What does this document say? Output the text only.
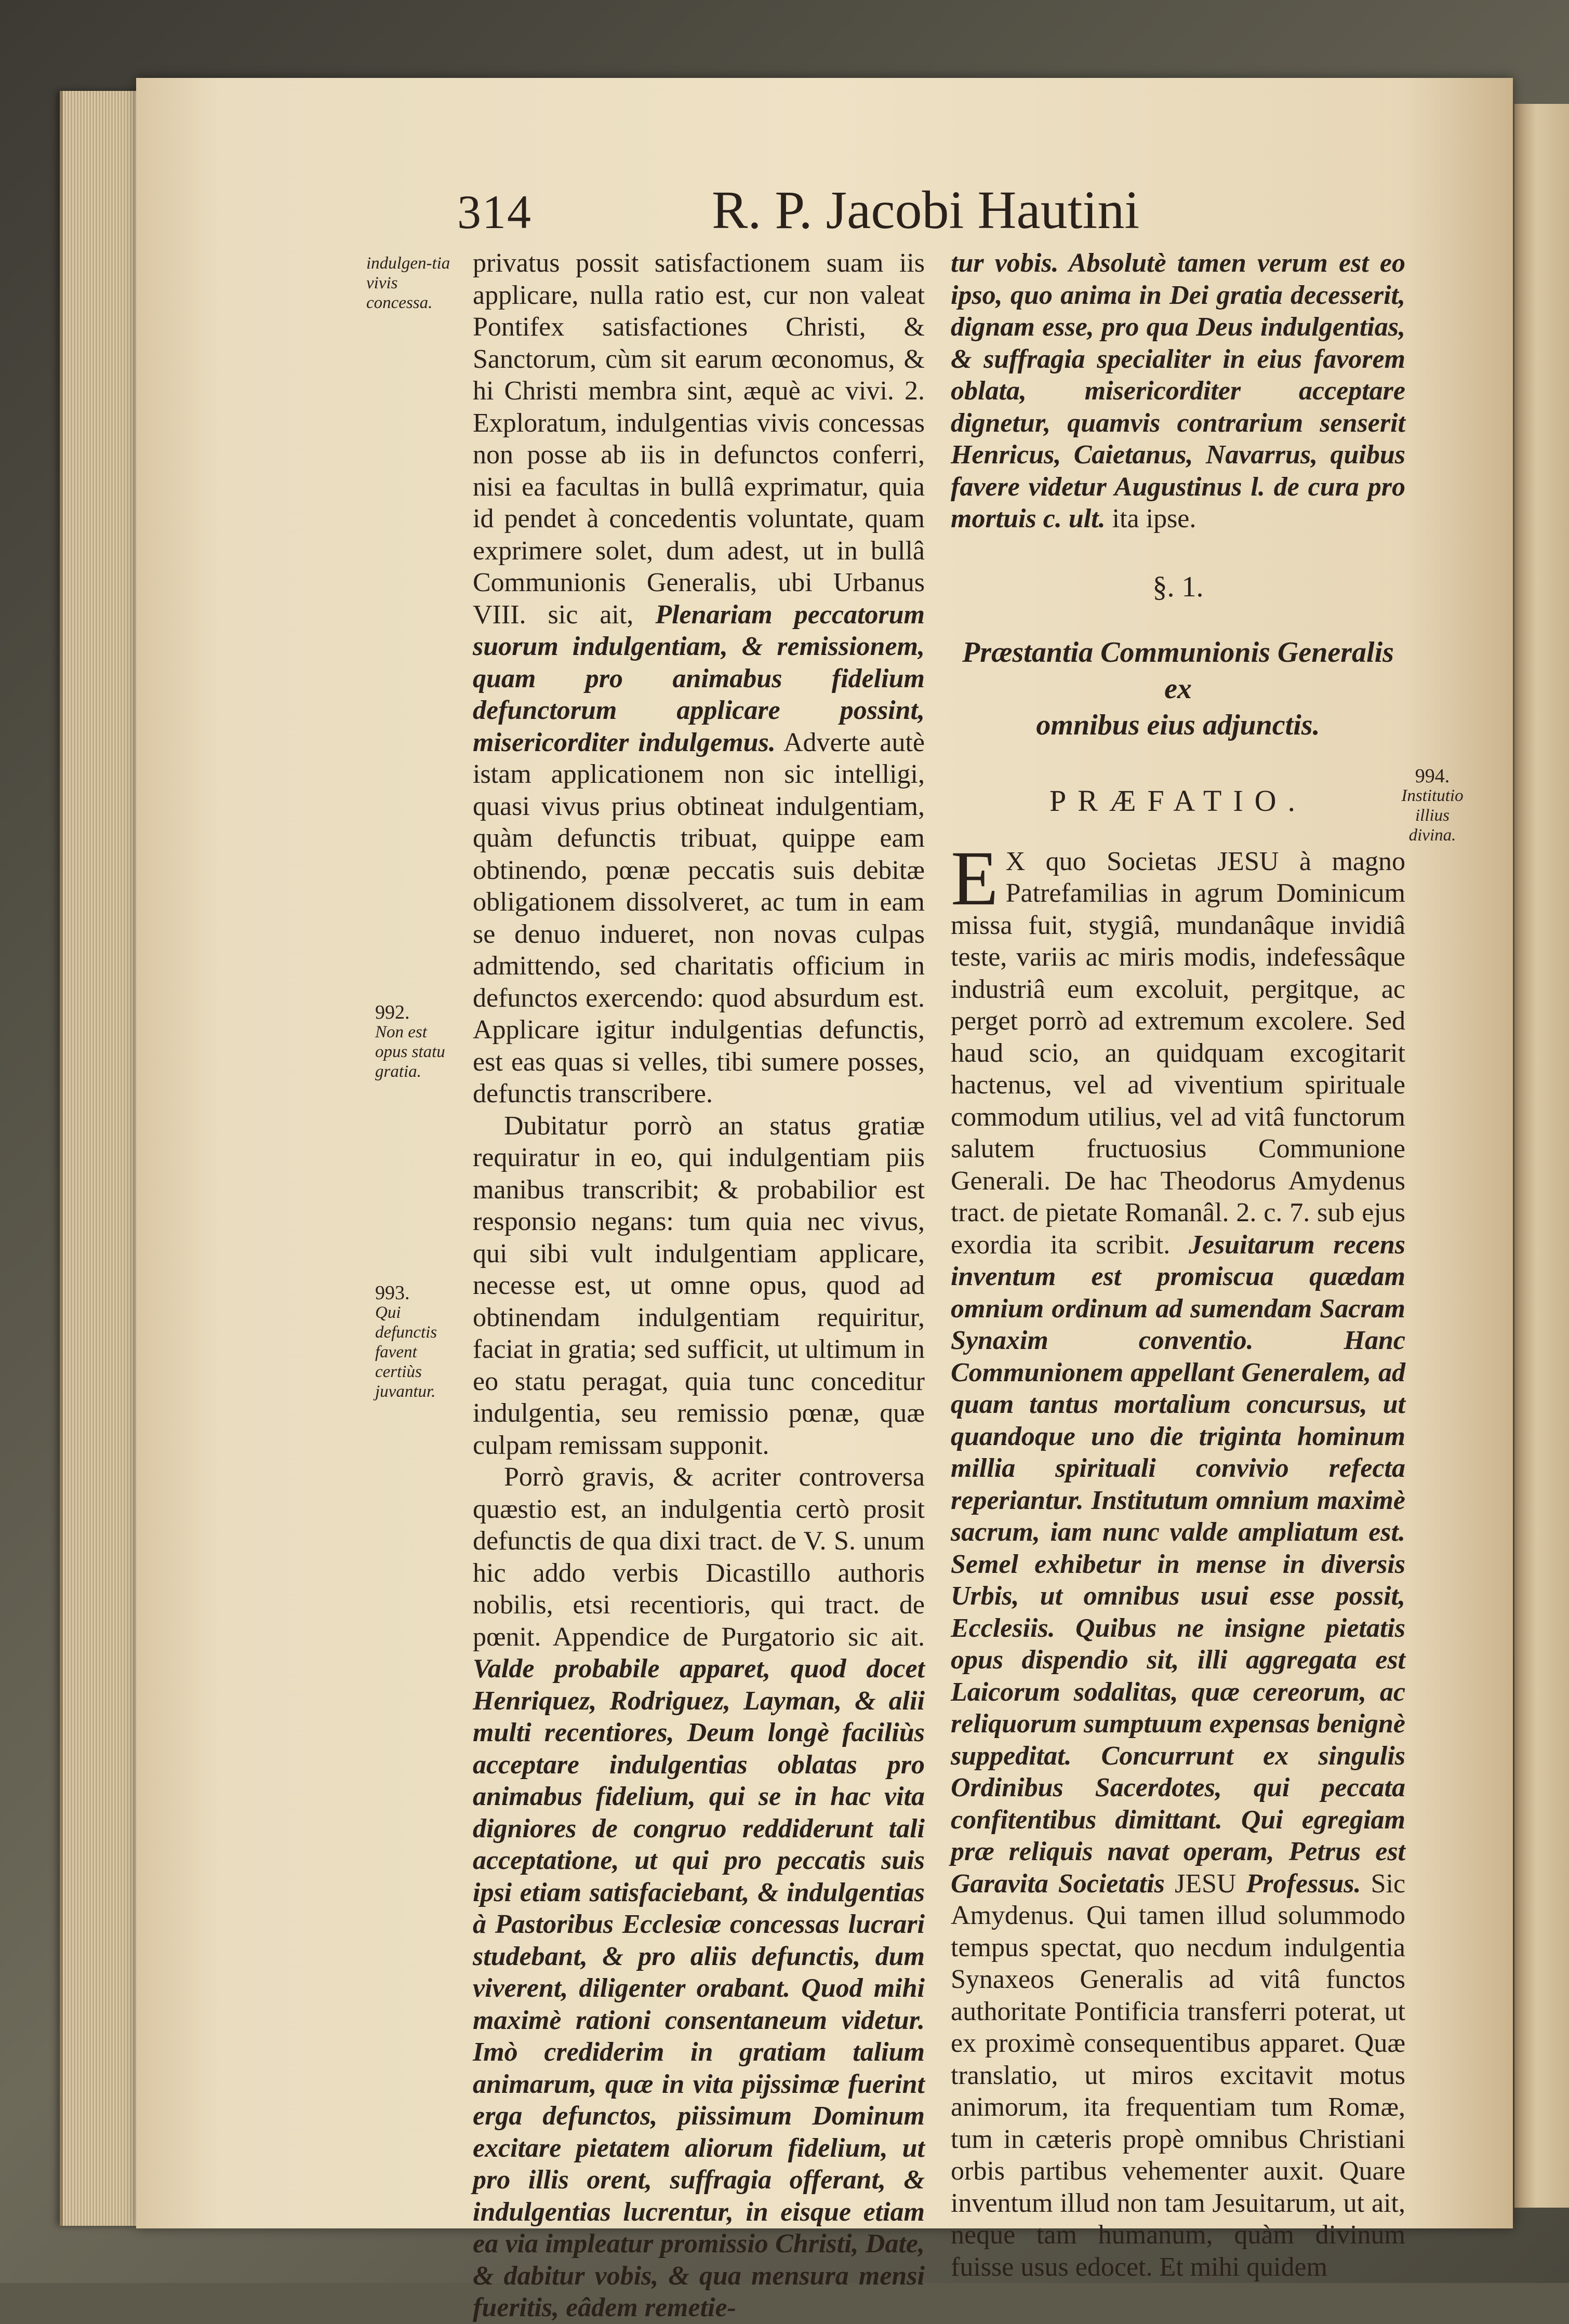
314	R. P. Jacobi Hautini
indulgen-tia vivis concessa.
992.
Non est opus statu gratia.
993.
Qui defunctis favent certiùs juvantur.
994.
Institutio illius divina.

privatus possit satisfactionem suam iis applicare, nulla ratio est, cur non valeat Pontifex satisfactiones Christi, & Sanctorum, cùm sit earum œconomus, & hi Christi membra sint, æquè ac vivi. 2. Exploratum, indulgentias vivis concessas non posse ab iis in defunctos conferri, nisi ea facultas in bullâ exprimatur, quia id pendet à concedentis voluntate, quam exprimere solet, dum adest, ut in bullâ Communionis Generalis, ubi Urbanus VIII. sic ait, Plenariam peccatorum suorum indulgentiam, & remissionem, quam pro animabus fidelium defunctorum applicare possint, misericorditer indulgemus. Adverte autè istam applicationem non sic intelligi, quasi vivus prius obtineat indulgentiam, quàm defunctis tribuat, quippe eam obtinendo, pœnæ peccatis suis debitæ obligationem dissolveret, ac tum in eam se denuo indueret, non novas culpas admittendo, sed charitatis officium in defunctos exercendo: quod absurdum est. Applicare igitur indulgentias defunctis, est eas quas si velles, tibi sumere posses, defunctis transcribere.

Dubitatur porrò an status gratiæ requiratur in eo, qui indulgentiam piis manibus transcribit; & probabilior est responsio negans: tum quia nec vivus, qui sibi vult indulgentiam applicare, necesse est, ut omne opus, quod ad obtinendam indulgentiam requiritur, faciat in gratia; sed sufficit, ut ultimum in eo statu peragat, quia tunc conceditur indulgentia, seu remissio pœnæ, quæ culpam remissam supponit.

Porrò gravis, & acriter controversa quæstio est, an indulgentia certò prosit defunctis de qua dixi tract. de V. S. unum hic addo verbis Dicastillo authoris nobilis, etsi recentioris, qui tract. de pœnit. Appendice de Purgatorio sic ait. Valde probabile apparet, quod docet Henriquez, Rodriguez, Layman, & alii multi recentiores, Deum longè faciliùs acceptare indulgentias oblatas pro animabus fidelium, qui se in hac vita digniores de congruo reddiderunt tali acceptatione, ut qui pro peccatis suis ipsi etiam satisfaciebant, & indulgentias à Pastoribus Ecclesiæ concessas lucrari studebant, & pro aliis defunctis, dum viverent, diligenter orabant. Quod mihi maximè rationi consentaneum videtur. Imò crediderim in gratiam talium animarum, quæ in vita pijssimæ fuerint erga defunctos, piissimum Dominum excitare pietatem aliorum fidelium, ut pro illis orent, suffragia offerant, & indulgentias lucrentur, in eisque etiam ea via impleatur promissio Christi, Date, & dabitur vobis, & qua mensura mensi fueritis, eâdem remetie-

tur vobis. Absolutè tamen verum est eo ipso, quo anima in Dei gratia decesserit, dignam esse, pro qua Deus indulgentias, & suffragia specialiter in eius favorem oblata, misericorditer acceptare dignetur, quamvis contrarium senserit Henricus, Caietanus, Navarrus, quibus favere videtur Augustinus l. de cura pro mortuis c. ult. ita ipse.

§. 1.
Præstantia Communionis Generalis ex
omnibus eius adjunctis.
PRÆFATIO.

E X quo Societas JESU à magno Patrefamilias in agrum Dominicum missa fuit, stygiâ, mundanâque invidiâ teste, variis ac miris modis, indefessâque industriâ eum excoluit, pergitque, ac perget porrò ad extremum excolere. Sed haud scio, an quidquam excogitarit hactenus, vel ad viventium spirituale commodum utilius, vel ad vitâ functorum salutem fructuosius Communione Generali. De hac Theodorus Amydenus tract. de pietate Romanâl. 2. c. 7. sub ejus exordia ita scribit. Jesuitarum recens inventum est promiscua quædam omnium ordinum ad sumendam Sacram Synaxim conventio. Hanc Communionem appellant Generalem, ad quam tantus mortalium concursus, ut quandoque uno die triginta hominum millia spirituali convivio refecta reperiantur. Institutum omnium maximè sacrum, iam nunc valde ampliatum est. Semel exhibetur in mense in diversis Urbis, ut omnibus usui esse possit, Ecclesiis. Quibus ne insigne pietatis opus dispendio sit, illi aggregata est Laicorum sodalitas, quæ cereorum, ac reliquorum sumptuum expensas benignè suppeditat. Concurrunt ex singulis Ordinibus Sacerdotes, qui peccata confitentibus dimittant. Qui egregiam præ reliquis navat operam, Petrus est Garavita Societatis JESU Professus. Sic Amydenus. Qui tamen illud solummodo tempus spectat, quo necdum indulgentia Synaxeos Generalis ad vitâ functos authoritate Pontificia transferri poterat, ut ex proximè consequentibus apparet. Quæ translatio, ut miros excitavit motus animorum, ita frequentiam tum Romæ, tum in cæteris propè omnibus Christiani orbis partibus vehementer auxit. Quare inventum illud non tam Jesuitarum, ut ait, neque tam humanum, quàm divinum fuisse usus edocet. Et mihi quidem
